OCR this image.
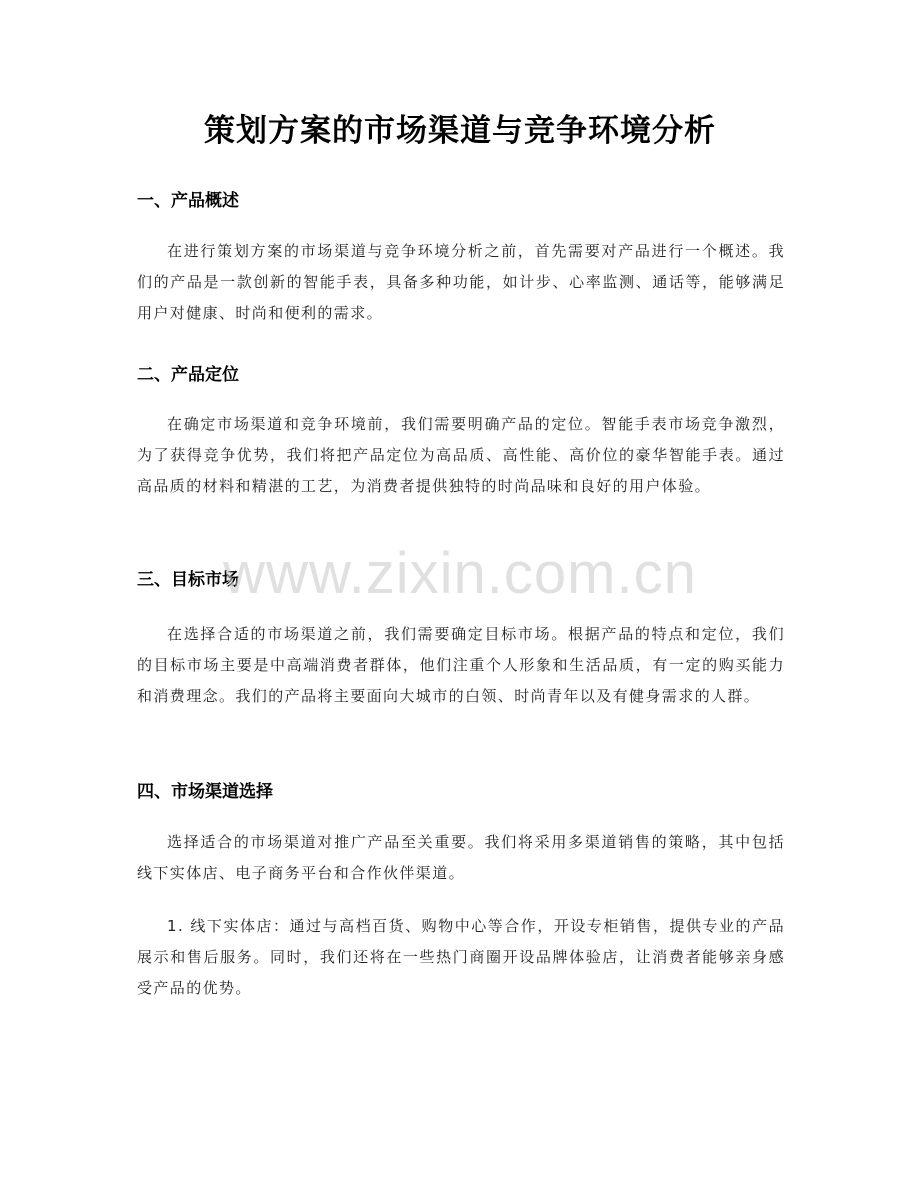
策划方案的市场渠道与竞争环境分析
一、产品概述

在进行策划方案的市场渠道与竞争环境分析之前，首先需要对产品进行一个概述。我们的产品是一款创新的智能手表，具备多种功能，如计步、心率监测、通话等，能够满足用户对健康、时尚和便利的需求。

二、产品定位

在确定市场渠道和竞争环境前，我们需要明确产品的定位。智能手表市场竞争激烈，为了获得竞争优势，我们将把产品定位为高品质、高性能、高价位的豪华智能手表。通过高品质的材料和精湛的工艺，为消费者提供独特的时尚品味和良好的用户体验。

三、目标市场

在选择合适的市场渠道之前，我们需要确定目标市场。根据产品的特点和定位，我们的目标市场主要是中高端消费者群体，他们注重个人形象和生活品质，有一定的购买能力和消费理念。我们的产品将主要面向大城市的白领、时尚青年以及有健身需求的人群。

四、市场渠道选择

选择适合的市场渠道对推广产品至关重要。我们将采用多渠道销售的策略，其中包括线下实体店、电子商务平台和合作伙伴渠道。

1. 线下实体店：通过与高档百货、购物中心等合作，开设专柜销售，提供专业的产品展示和售后服务。同时，我们还将在一些热门商圈开设品牌体验店，让消费者能够亲身感受产品的优势。

www.zixin.com.cn
